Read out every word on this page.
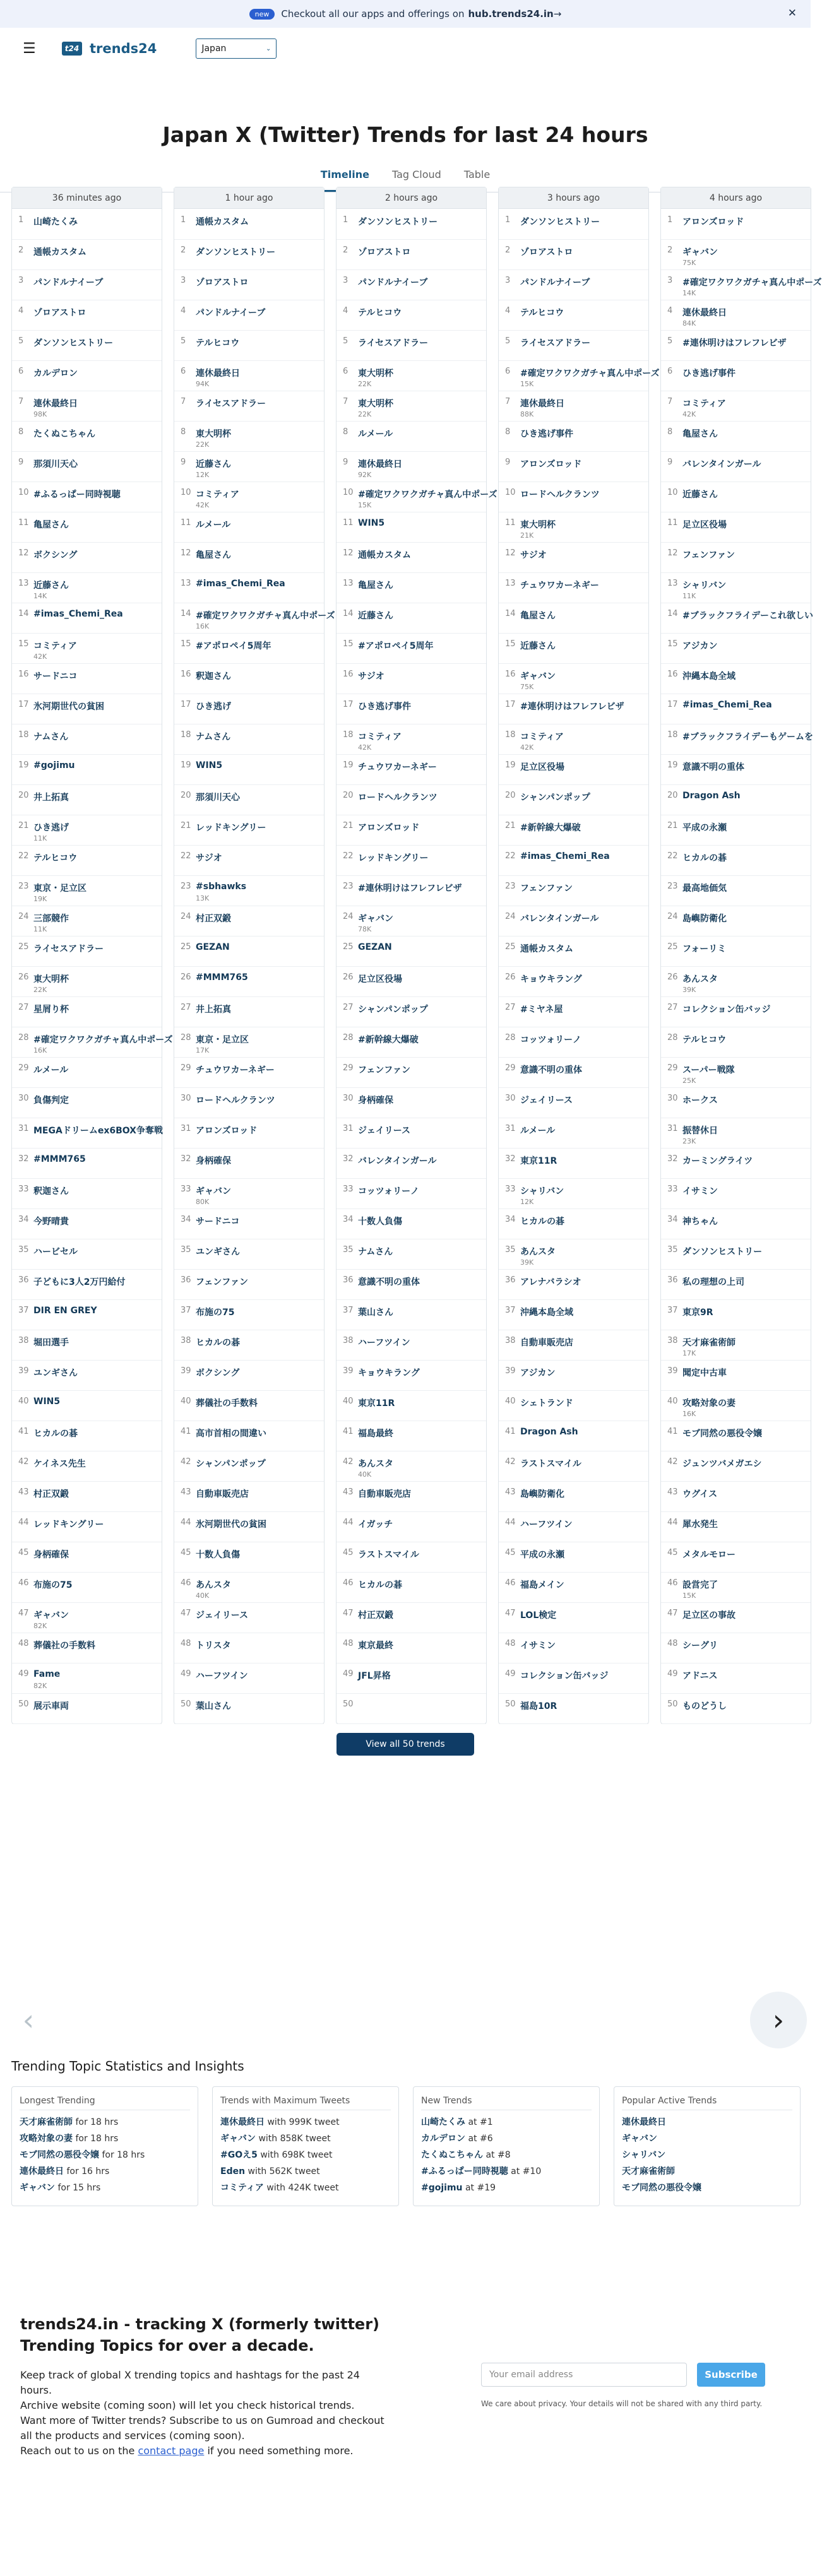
new	Checkout all our apps and offerings on hub.trends24.in →	✕
☰	t24 trends24	Japan	⌄
Japan X (Twitter) Trends for last 24 hours
Timeline	Tag Cloud	Table
36 minutes ago
1 山崎たくみ
2 通帳カスタム
3 パンドルナイーブ
4 ゾロアストロ
5 ダンソンヒストリー
6 カルデロン
7 連休最終日
98K
8 たくぬこちゃん
9 那須川天心
10 #ふるっぱー同時視聴
11 亀屋さん
12 ボクシング
13 近藤さん
14K
14 #imas_Chemi_Rea
15 コミティア
42K
16 サードニコ
17 氷河期世代の貧困
18 ナムさん
19 #gojimu
20 井上拓真
21 ひき逃げ
11K
22 テルヒコウ
23 東京・足立区
19K
24 三部競作
11K
25 ライセスアドラー
26 東大明杯
22K
27 星屑り杯
28 #確定ワクワクガチャ真ん中ポーズ
16K
29 ルメール
30 負傷判定
31 MEGAドリームex6BOX争奪戦
32 #MMM765
33 釈迦さん
34 今野晴貴
35 ハービセル
36 子どもに3人2万円給付
37 DIR EN GREY
38 堀田選手
39 ユンギさん
40 WIN5
41 ヒカルの碁
42 ケイネス先生
43 村正双鍛
44 レッドキングリー
45 身柄確保
46 布施の75
47 ギャバン
82K
48 葬儀社の手数料
49 Fame
82K
50 展示車両
1 hour ago
1 通帳カスタム
2 ダンソンヒストリー
3 ゾロアストロ
4 パンドルナイーブ
5 テルヒコウ
6 連休最終日
94K
7 ライセスアドラー
8 東大明杯
22K
9 近藤さん
12K
10 コミティア
42K
11 ルメール
12 亀屋さん
13 #imas_Chemi_Rea
14 #確定ワクワクガチャ真ん中ポーズ
16K
15 #アポロペイ5周年
16 釈迦さん
17 ひき逃げ
18 ナムさん
19 WIN5
20 那須川天心
21 レッドキングリー
22 サジオ
23 #sbhawks
13K
24 村正双鍛
25 GEZAN
26 #MMM765
27 井上拓真
28 東京・足立区
17K
29 チュウワカーネギー
30 ロードヘルクランツ
31 アロンズロッド
32 身柄確保
33 ギャバン
80K
34 サードニコ
35 ユンギさん
36 フェンファン
37 布施の75
38 ヒカルの碁
39 ボクシング
40 葬儀社の手数料
41 高市首相の間違い
42 シャンパンポップ
43 自動車販売店
44 氷河期世代の貧困
45 十数人負傷
46 あんスタ
40K
47 ジェイリース
48 トリスタ
49 ハーフツイン
50 葉山さん
2 hours ago
1 ダンソンヒストリー
2 ゾロアストロ
3 パンドルナイーブ
4 テルヒコウ
5 ライセスアドラー
6 東大明杯
22K
7 東大明杯
22K
8 ルメール
9 連休最終日
92K
10 #確定ワクワクガチャ真ん中ポーズ
15K
11 WIN5
12 通帳カスタム
13 亀屋さん
14 近藤さん
15 #アポロペイ5周年
16 サジオ
17 ひき逃げ事件
18 コミティア
42K
19 チュウワカーネギー
20 ロードヘルクランツ
21 アロンズロッド
22 レッドキングリー
23 #連休明けはフレフレビザ
24 ギャバン
78K
25 GEZAN
26 足立区役場
27 シャンパンポップ
28 #新幹線大爆破
29 フェンファン
30 身柄確保
31 ジェイリース
32 バレンタインガール
33 コッツォリーノ
34 十数人負傷
35 ナムさん
36 意識不明の重体
37 葉山さん
38 ハーフツイン
39 キョウキラング
40 東京11R
41 福島最終
42 あんスタ
40K
43 自動車販売店
44 イガッチ
45 ラストスマイル
46 ヒカルの碁
47 村正双鍛
48 東京最終
49 JFL昇格
50
3 hours ago
1 ダンソンヒストリー
2 ゾロアストロ
3 パンドルナイーブ
4 テルヒコウ
5 ライセスアドラー
6 #確定ワクワクガチャ真ん中ポーズ
15K
7 連休最終日
88K
8 ひき逃げ事件
9 アロンズロッド
10 ロードヘルクランツ
11 東大明杯
21K
12 サジオ
13 チュウワカーネギー
14 亀屋さん
15 近藤さん
16 ギャバン
75K
17 #連休明けはフレフレビザ
18 コミティア
42K
19 足立区役場
20 シャンパンポップ
21 #新幹線大爆破
22 #imas_Chemi_Rea
23 フェンファン
24 バレンタインガール
25 通帳カスタム
26 キョウキラング
27 #ミヤネ屋
28 コッツォリーノ
29 意識不明の重体
30 ジェイリース
31 ルメール
32 東京11R
33 シャリバン
12K
34 ヒカルの碁
35 あんスタ
39K
36 アレナバラシオ
37 沖縄本島全域
38 自動車販売店
39 アジカン
40 シェトランド
41 Dragon Ash
42 ラストスマイル
43 島嶼防衛化
44 ハーフツイン
45 平成の永瀬
46 福島メイン
47 LOL検定
48 イサミン
49 コレクション缶バッジ
50 福島10R
4 hours ago
1 アロンズロッド
2 ギャバン
75K
3 #確定ワクワクガチャ真ん中ポーズ
14K
4 連休最終日
84K
5 #連休明けはフレフレビザ
6 ひき逃げ事件
7 コミティア
42K
8 亀屋さん
9 バレンタインガール
10 近藤さん
11 足立区役場
12 フェンファン
13 シャリバン
11K
14 #ブラックフライデーこれ欲しい
15 アジカン
16 沖縄本島全域
17 #imas_Chemi_Rea
18 #ブラックフライデーもゲームを
19 意識不明の重体
20 Dragon Ash
21 平成の永瀬
22 ヒカルの碁
23 最高地価気
24 島嶼防衛化
25 フォーリミ
26 あんスタ
39K
27 コレクション缶バッジ
28 テルヒコウ
29 スーパー戦隊
25K
30 ホークス
31 振替休日
23K
32 カーミングライツ
33 イサミン
34 神ちゃん
35 ダンソンヒストリー
36 私の理想の上司
37 東京9R
38 天才麻雀術師
17K
39 聞定中古車
40 攻略対象の妻
16K
41 モブ同然の悪役令嬢
42 ジュンツバメガエシ
43 ウグイス
44 犀水発生
45 メタルモロー
46 設営完了
15K
47 足立区の事故
48 シーグリ
49 アドニス
50 ものどうし
View all 50 trends
‹	›
Trending Topic Statistics and Insights
Longest Trending
天才麻雀術師 for 18 hrs
攻略対象の妻 for 18 hrs
モブ同然の悪役令嬢 for 18 hrs
連休最終日 for 16 hrs
ギャバン for 15 hrs
Trends with Maximum Tweets
連休最終日 with 999K tweet
ギャバン with 858K tweet
#GOえ5 with 698K tweet
Eden with 562K tweet
コミティア with 424K tweet
New Trends
山崎たくみ at #1
カルデロン at #6
たくぬこちゃん at #8
#ふるっぱー同時視聴 at #10
#gojimu at #19
Popular Active Trends
連休最終日
ギャバン
シャリバン
天才麻雀術師
モブ同然の悪役令嬢
trends24.in - tracking X (formerly twitter) Trending Topics for over a decade.
Keep track of global X trending topics and hashtags for the past 24 hours.
Archive website (coming soon) will let you check historical trends.
Want more of Twitter trends? Subscribe to us on Gumroad and checkout all the products and services (coming soon).
Reach out to us on the contact page if you need something more.
Your email address	Subscribe
We care about privacy. Your details will not be shared with any third party.
